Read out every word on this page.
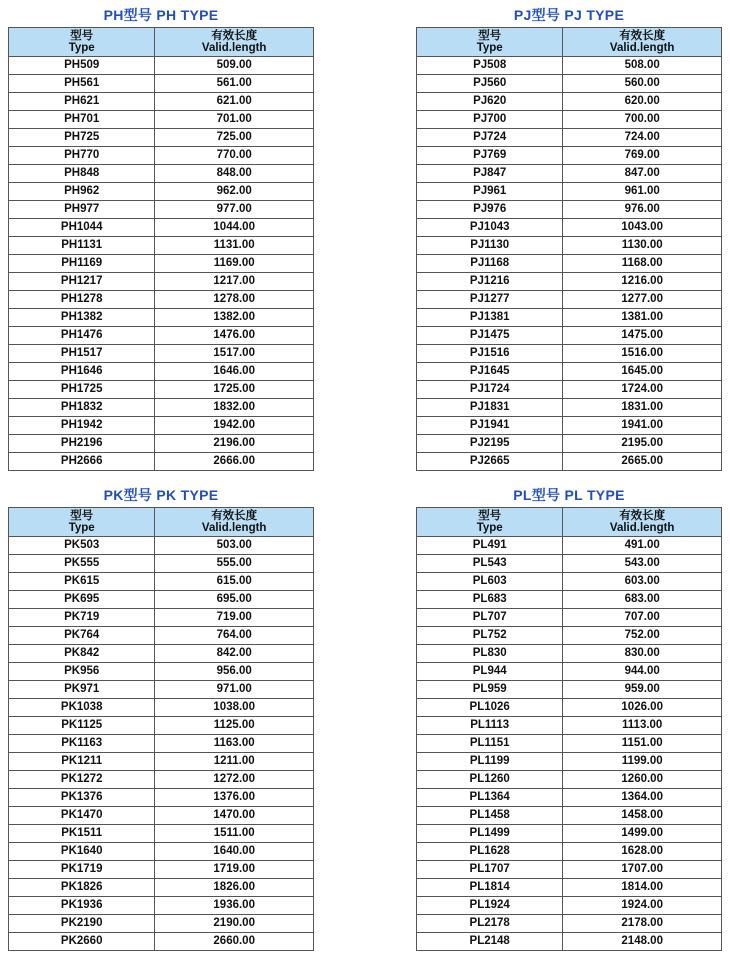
PH型号 PH TYPE
型号
Type	有效长度
Valid.length

PH509	509.00
PH561	561.00
PH621	621.00
PH701	701.00
PH725	725.00
PH770	770.00
PH848	848.00
PH962	962.00
PH977	977.00
PH1044	1044.00
PH1131	1131.00
PH1169	1169.00
PH1217	1217.00
PH1278	1278.00
PH1382	1382.00
PH1476	1476.00
PH1517	1517.00
PH1646	1646.00
PH1725	1725.00
PH1832	1832.00
PH1942	1942.00
PH2196	2196.00
PH2666	2666.00
PJ型号 PJ TYPE
型号
Type	有效长度
Valid.length

PJ508	508.00
PJ560	560.00
PJ620	620.00
PJ700	700.00
PJ724	724.00
PJ769	769.00
PJ847	847.00
PJ961	961.00
PJ976	976.00
PJ1043	1043.00
PJ1130	1130.00
PJ1168	1168.00
PJ1216	1216.00
PJ1277	1277.00
PJ1381	1381.00
PJ1475	1475.00
PJ1516	1516.00
PJ1645	1645.00
PJ1724	1724.00
PJ1831	1831.00
PJ1941	1941.00
PJ2195	2195.00
PJ2665	2665.00
PK型号 PK TYPE
型号
Type	有效长度
Valid.length

PK503	503.00
PK555	555.00
PK615	615.00
PK695	695.00
PK719	719.00
PK764	764.00
PK842	842.00
PK956	956.00
PK971	971.00
PK1038	1038.00
PK1125	1125.00
PK1163	1163.00
PK1211	1211.00
PK1272	1272.00
PK1376	1376.00
PK1470	1470.00
PK1511	1511.00
PK1640	1640.00
PK1719	1719.00
PK1826	1826.00
PK1936	1936.00
PK2190	2190.00
PK2660	2660.00
PL型号 PL TYPE
型号
Type	有效长度
Valid.length

PL491	491.00
PL543	543.00
PL603	603.00
PL683	683.00
PL707	707.00
PL752	752.00
PL830	830.00
PL944	944.00
PL959	959.00
PL1026	1026.00
PL1113	1113.00
PL1151	1151.00
PL1199	1199.00
PL1260	1260.00
PL1364	1364.00
PL1458	1458.00
PL1499	1499.00
PL1628	1628.00
PL1707	1707.00
PL1814	1814.00
PL1924	1924.00
PL2178	2178.00
PL2148	2148.00
